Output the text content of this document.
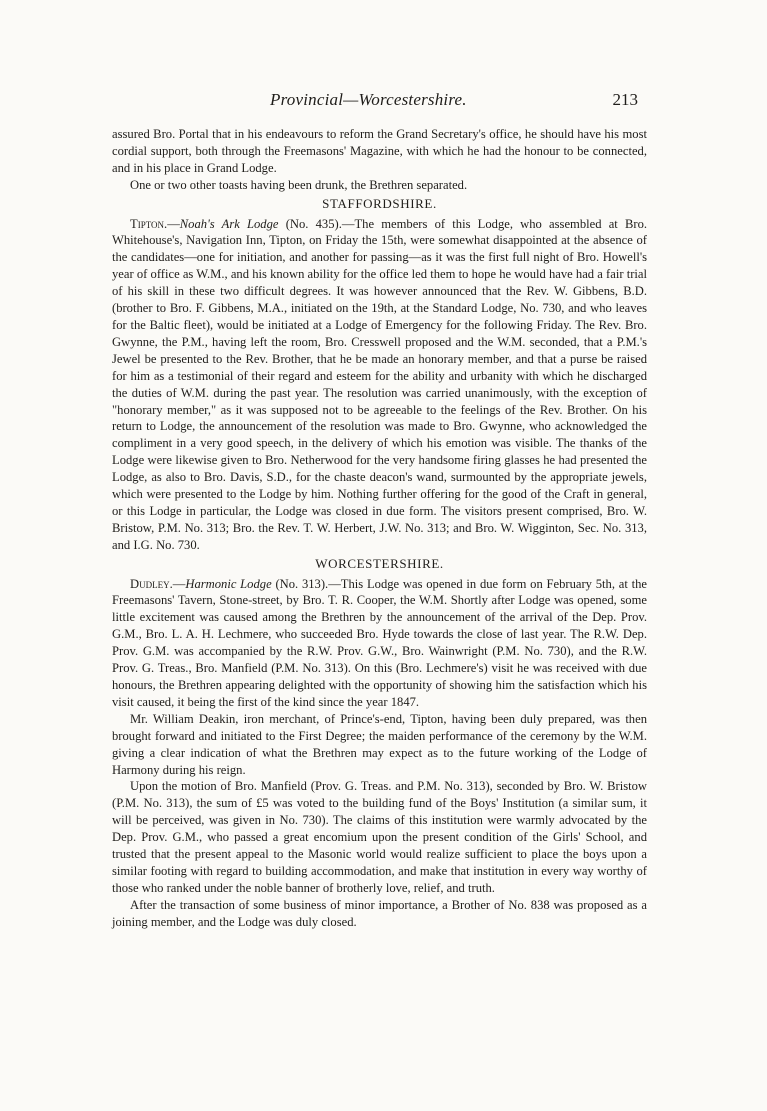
Provincial—Worcestershire.	213

assured Bro. Portal that in his endeavours to reform the Grand Secretary's office, he should have his most cordial support, both through the Freemasons' Magazine, with which he had the honour to be connected, and in his place in Grand Lodge.

One or two other toasts having been drunk, the Brethren separated.

STAFFORDSHIRE.

Tipton.—Noah's Ark Lodge (No. 435).—The members of this Lodge, who assembled at Bro. Whitehouse's, Navigation Inn, Tipton, on Friday the 15th, were somewhat disappointed at the absence of the candidates—one for initiation, and another for passing—as it was the first full night of Bro. Howell's year of office as W.M., and his known ability for the office led them to hope he would have had a fair trial of his skill in these two difficult degrees. It was however announced that the Rev. W. Gibbens, B.D. (brother to Bro. F. Gibbens, M.A., initiated on the 19th, at the Standard Lodge, No. 730, and who leaves for the Baltic fleet), would be initiated at a Lodge of Emergency for the following Friday. The Rev. Bro. Gwynne, the P.M., having left the room, Bro. Cresswell proposed and the W.M. seconded, that a P.M.'s Jewel be presented to the Rev. Brother, that he be made an honorary member, and that a purse be raised for him as a testimonial of their regard and esteem for the ability and urbanity with which he discharged the duties of W.M. during the past year. The resolution was carried unanimously, with the exception of "honorary member," as it was supposed not to be agreeable to the feelings of the Rev. Brother. On his return to Lodge, the announcement of the resolution was made to Bro. Gwynne, who acknowledged the compliment in a very good speech, in the delivery of which his emotion was visible. The thanks of the Lodge were likewise given to Bro. Netherwood for the very handsome firing glasses he had presented the Lodge, as also to Bro. Davis, S.D., for the chaste deacon's wand, surmounted by the appropriate jewels, which were presented to the Lodge by him. Nothing further offering for the good of the Craft in general, or this Lodge in particular, the Lodge was closed in due form. The visitors present comprised, Bro. W. Bristow, P.M. No. 313; Bro. the Rev. T. W. Herbert, J.W. No. 313; and Bro. W. Wigginton, Sec. No. 313, and I.G. No. 730.

WORCESTERSHIRE.

Dudley.—Harmonic Lodge (No. 313).—This Lodge was opened in due form on February 5th, at the Freemasons' Tavern, Stone-street, by Bro. T. R. Cooper, the W.M. Shortly after Lodge was opened, some little excitement was caused among the Brethren by the announcement of the arrival of the Dep. Prov. G.M., Bro. L. A. H. Lechmere, who succeeded Bro. Hyde towards the close of last year. The R.W. Dep. Prov. G.M. was accompanied by the R.W. Prov. G.W., Bro. Wainwright (P.M. No. 730), and the R.W. Prov. G. Treas., Bro. Manfield (P.M. No. 313). On this (Bro. Lechmere's) visit he was received with due honours, the Brethren appearing delighted with the opportunity of showing him the satisfaction which his visit caused, it being the first of the kind since the year 1847.

Mr. William Deakin, iron merchant, of Prince's-end, Tipton, having been duly prepared, was then brought forward and initiated to the First Degree; the maiden performance of the ceremony by the W.M. giving a clear indication of what the Brethren may expect as to the future working of the Lodge of Harmony during his reign.

Upon the motion of Bro. Manfield (Prov. G. Treas. and P.M. No. 313), seconded by Bro. W. Bristow (P.M. No. 313), the sum of £5 was voted to the building fund of the Boys' Institution (a similar sum, it will be perceived, was given in No. 730). The claims of this institution were warmly advocated by the Dep. Prov. G.M., who passed a great encomium upon the present condition of the Girls' School, and trusted that the present appeal to the Masonic world would realize sufficient to place the boys upon a similar footing with regard to building accommodation, and make that institution in every way worthy of those who ranked under the noble banner of brotherly love, relief, and truth.

After the transaction of some business of minor importance, a Brother of No. 838 was proposed as a joining member, and the Lodge was duly closed.
